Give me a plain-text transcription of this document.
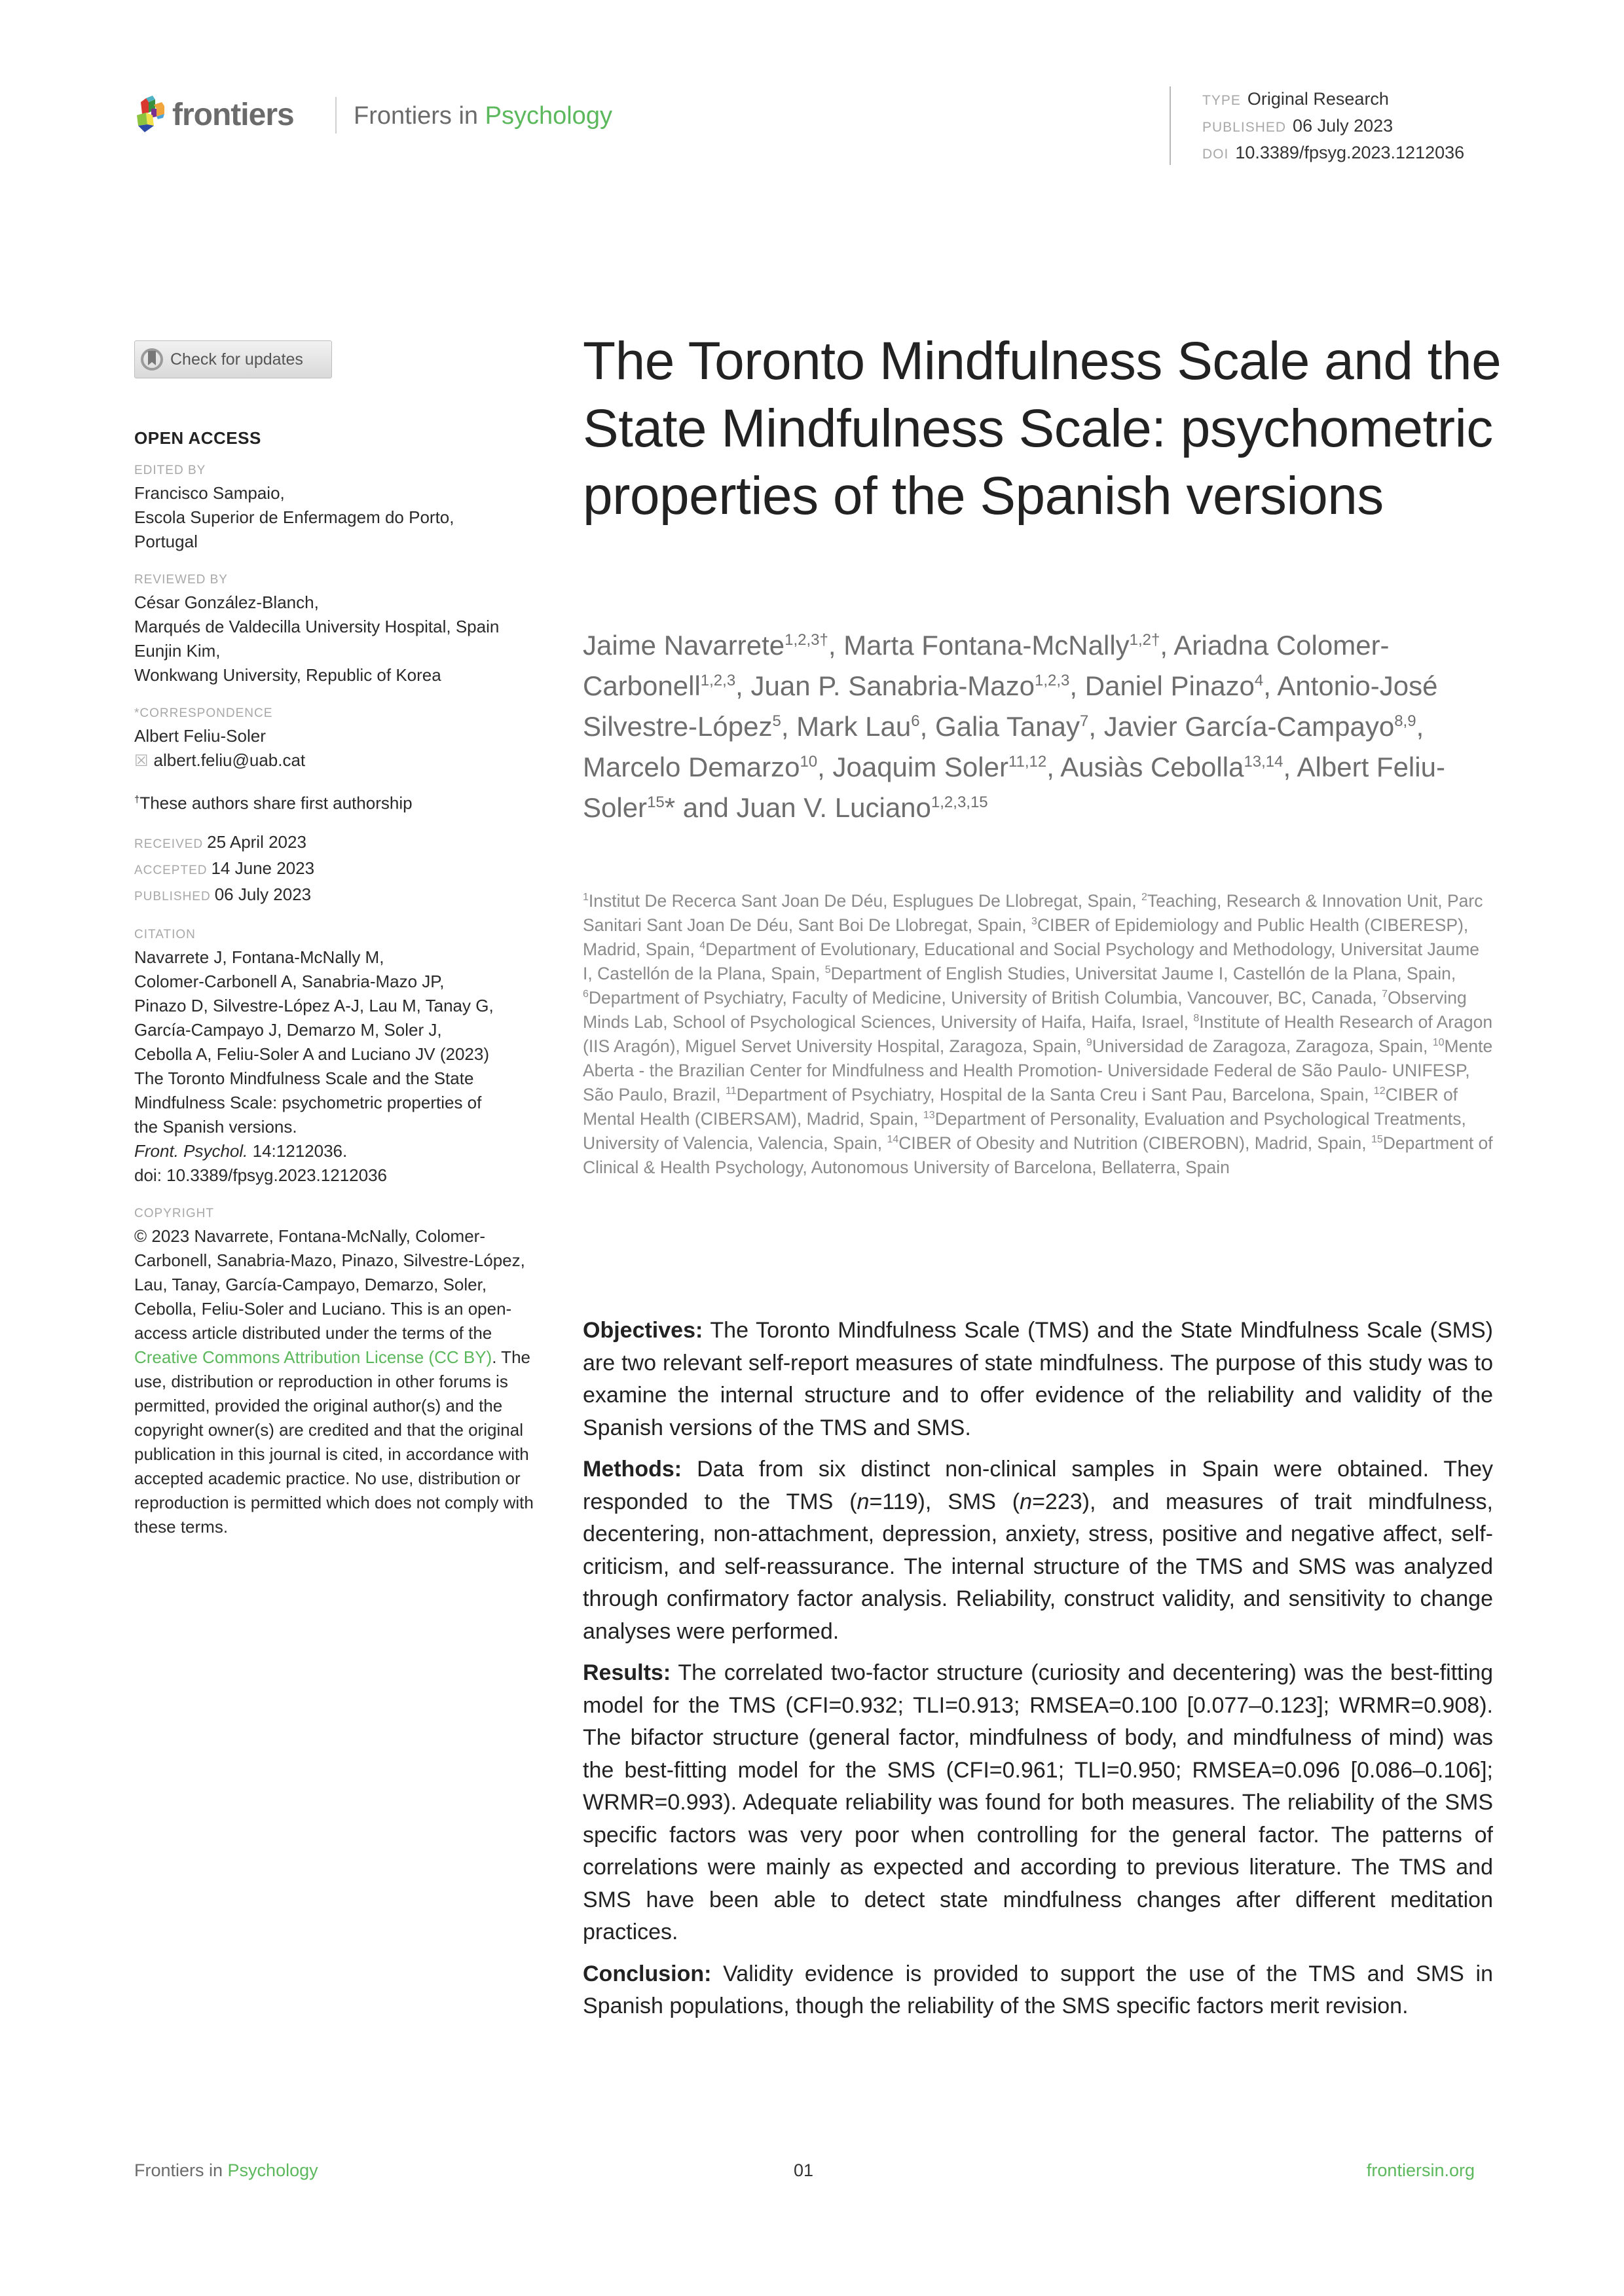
frontiers Frontiers in Psychology
TYPE Original Research
PUBLISHED 06 July 2023
DOI 10.3389/fpsyg.2023.1212036
Check for updates
OPEN ACCESS
EDITED BY
Francisco Sampaio,
Escola Superior de Enfermagem do Porto,
Portugal
REVIEWED BY
César González-Blanch,
Marqués de Valdecilla University Hospital, Spain
Eunjin Kim,
Wonkwang University, Republic of Korea
*CORRESPONDENCE
Albert Feliu-Soler
☒ albert.feliu@uab.cat
†These authors share first authorship
RECEIVED 25 April 2023
ACCEPTED 14 June 2023
PUBLISHED 06 July 2023
CITATION
Navarrete J, Fontana-McNally M,
Colomer-Carbonell A, Sanabria-Mazo JP,
Pinazo D, Silvestre-López A-J, Lau M, Tanay G,
García-Campayo J, Demarzo M, Soler J,
Cebolla A, Feliu-Soler A and Luciano JV (2023)
The Toronto Mindfulness Scale and the State
Mindfulness Scale: psychometric properties of
the Spanish versions.
Front. Psychol. 14:1212036.
doi: 10.3389/fpsyg.2023.1212036
COPYRIGHT
© 2023 Navarrete, Fontana-McNally, Colomer-Carbonell, Sanabria-Mazo, Pinazo, Silvestre-López, Lau, Tanay, García-Campayo, Demarzo, Soler, Cebolla, Feliu-Soler and Luciano. This is an open-access article distributed under the terms of the Creative Commons Attribution License (CC BY). The use, distribution or reproduction in other forums is permitted, provided the original author(s) and the copyright owner(s) are credited and that the original publication in this journal is cited, in accordance with accepted academic practice. No use, distribution or reproduction is permitted which does not comply with these terms.
The Toronto Mindfulness Scale and the State Mindfulness Scale: psychometric properties of the Spanish versions
Jaime Navarrete$^{1,2,3\dagger}$, Marta Fontana-McNally$^{1,2\dagger}$, Ariadna Colomer-Carbonell$^{1,2,3}$, Juan P. Sanabria-Mazo$^{1,2,3}$, Daniel Pinazo$^4$, Antonio-José Silvestre-López$^5$, Mark Lau$^6$, Galia Tanay$^7$, Javier García-Campayo$^{8,9}$, Marcelo Demarzo$^{10}$, Joaquim Soler$^{11,12}$, Ausiàs Cebolla$^{13,14}$, Albert Feliu-Soler$^{15}$* and Juan V. Luciano$^{1,2,3,15}$
$^1$Institut De Recerca Sant Joan De Déu, Esplugues De Llobregat, Spain, $^2$Teaching, Research & Innovation Unit, Parc Sanitari Sant Joan De Déu, Sant Boi De Llobregat, Spain, $^3$CIBER of Epidemiology and Public Health (CIBERESP), Madrid, Spain, $^4$Department of Evolutionary, Educational and Social Psychology and Methodology, Universitat Jaume I, Castellón de la Plana, Spain, $^5$Department of English Studies, Universitat Jaume I, Castellón de la Plana, Spain, $^6$Department of Psychiatry, Faculty of Medicine, University of British Columbia, Vancouver, BC, Canada, $^7$Observing Minds Lab, School of Psychological Sciences, University of Haifa, Haifa, Israel, $^8$Institute of Health Research of Aragon (IIS Aragón), Miguel Servet University Hospital, Zaragoza, Spain, $^9$Universidad de Zaragoza, Zaragoza, Spain, $^{10}$Mente Aberta - the Brazilian Center for Mindfulness and Health Promotion- Universidade Federal de São Paulo- UNIFESP, São Paulo, Brazil, $^{11}$Department of Psychiatry, Hospital de la Santa Creu i Sant Pau, Barcelona, Spain, $^{12}$CIBER of Mental Health (CIBERSAM), Madrid, Spain, $^{13}$Department of Personality, Evaluation and Psychological Treatments, University of Valencia, Valencia, Spain, $^{14}$CIBER of Obesity and Nutrition (CIBEROBN), Madrid, Spain, $^{15}$Department of Clinical & Health Psychology, Autonomous University of Barcelona, Bellaterra, Spain

Objectives: The Toronto Mindfulness Scale (TMS) and the State Mindfulness Scale (SMS) are two relevant self-report measures of state mindfulness. The purpose of this study was to examine the internal structure and to offer evidence of the reliability and validity of the Spanish versions of the TMS and SMS.

Methods: Data from six distinct non-clinical samples in Spain were obtained. They responded to the TMS (n=119), SMS (n=223), and measures of trait mindfulness, decentering, non-attachment, depression, anxiety, stress, positive and negative affect, self-criticism, and self-reassurance. The internal structure of the TMS and SMS was analyzed through confirmatory factor analysis. Reliability, construct validity, and sensitivity to change analyses were performed.

Results: The correlated two-factor structure (curiosity and decentering) was the best-fitting model for the TMS (CFI=0.932; TLI=0.913; RMSEA=0.100 [0.077–0.123]; WRMR=0.908). The bifactor structure (general factor, mindfulness of body, and mindfulness of mind) was the best-fitting model for the SMS (CFI=0.961; TLI=0.950; RMSEA=0.096 [0.086–0.106]; WRMR=0.993). Adequate reliability was found for both measures. The reliability of the SMS specific factors was very poor when controlling for the general factor. The patterns of correlations were mainly as expected and according to previous literature. The TMS and SMS have been able to detect state mindfulness changes after different meditation practices.

Conclusion: Validity evidence is provided to support the use of the TMS and SMS in Spanish populations, though the reliability of the SMS specific factors merit revision.

Frontiers in Psychology	01	frontiersin.org
